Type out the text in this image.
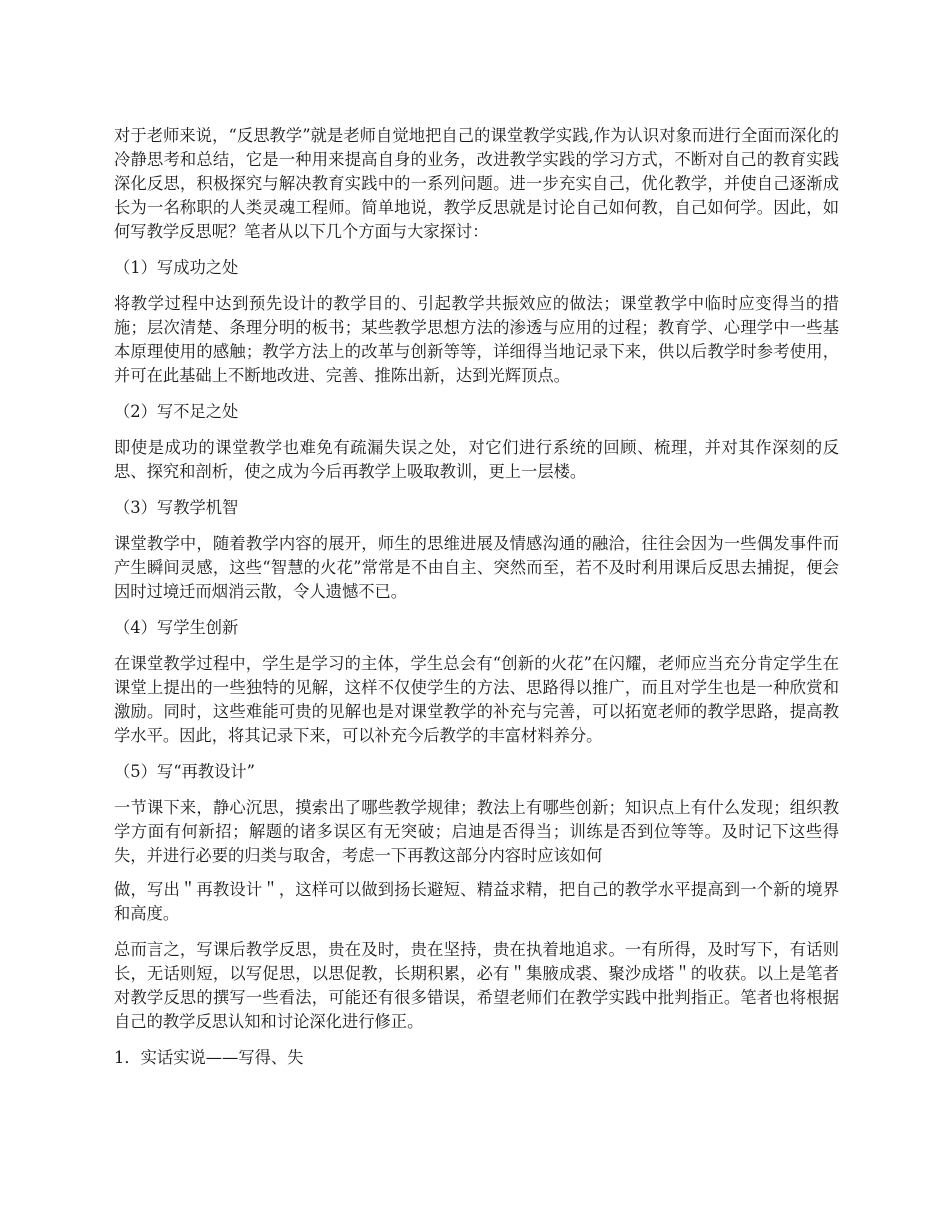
对于老师来说，“反思教学”就是老师自觉地把自己的课堂教学实践,作为认识对象而进行全面而深化的冷静思考和总结，它是一种用来提高自身的业务，改进教学实践的学习方式，不断对自己的教育实践深化反思，积极探究与解决教育实践中的一系列问题。进一步充实自己，优化教学，并使自己逐渐成长为一名称职的人类灵魂工程师。简单地说，教学反思就是讨论自己如何教，自己如何学。因此，如何写教学反思呢？笔者从以下几个方面与大家探讨：

（1）写成功之处

将教学过程中达到预先设计的教学目的、引起教学共振效应的做法；课堂教学中临时应变得当的措施；层次清楚、条理分明的板书；某些教学思想方法的渗透与应用的过程；教育学、心理学中一些基本原理使用的感触；教学方法上的改革与创新等等，详细得当地记录下来，供以后教学时参考使用，并可在此基础上不断地改进、完善、推陈出新，达到光辉顶点。

（2）写不足之处

即使是成功的课堂教学也难免有疏漏失误之处，对它们进行系统的回顾、梳理，并对其作深刻的反思、探究和剖析，使之成为今后再教学上吸取教训，更上一层楼。

（3）写教学机智

课堂教学中，随着教学内容的展开，师生的思维进展及情感沟通的融洽，往往会因为一些偶发事件而产生瞬间灵感，这些“智慧的火花”常常是不由自主、突然而至，若不及时利用课后反思去捕捉，便会因时过境迁而烟消云散，令人遗憾不已。

（4）写学生创新

在课堂教学过程中，学生是学习的主体，学生总会有“创新的火花”在闪耀，老师应当充分肯定学生在课堂上提出的一些独特的见解，这样不仅使学生的方法、思路得以推广，而且对学生也是一种欣赏和激励。同时，这些难能可贵的见解也是对课堂教学的补充与完善，可以拓宽老师的教学思路，提高教学水平。因此，将其记录下来，可以补充今后教学的丰富材料养分。

（5）写“再教设计”

一节课下来，静心沉思，摸索出了哪些教学规律；教法上有哪些创新；知识点上有什么发现；组织教学方面有何新招；解题的诸多误区有无突破；启迪是否得当；训练是否到位等等。及时记下这些得失，并进行必要的归类与取舍，考虑一下再教这部分内容时应该如何

做，写出＂再教设计＂，这样可以做到扬长避短、精益求精，把自己的教学水平提高到一个新的境界和高度。

总而言之，写课后教学反思，贵在及时，贵在坚持，贵在执着地追求。一有所得，及时写下，有话则长，无话则短，以写促思，以思促教，长期积累，必有＂集腋成裘、聚沙成塔＂的收获。以上是笔者对教学反思的撰写一些看法，可能还有很多错误，希望老师们在教学实践中批判指正。笔者也将根据自己的教学反思认知和讨论深化进行修正。

1．实话实说——写得、失
